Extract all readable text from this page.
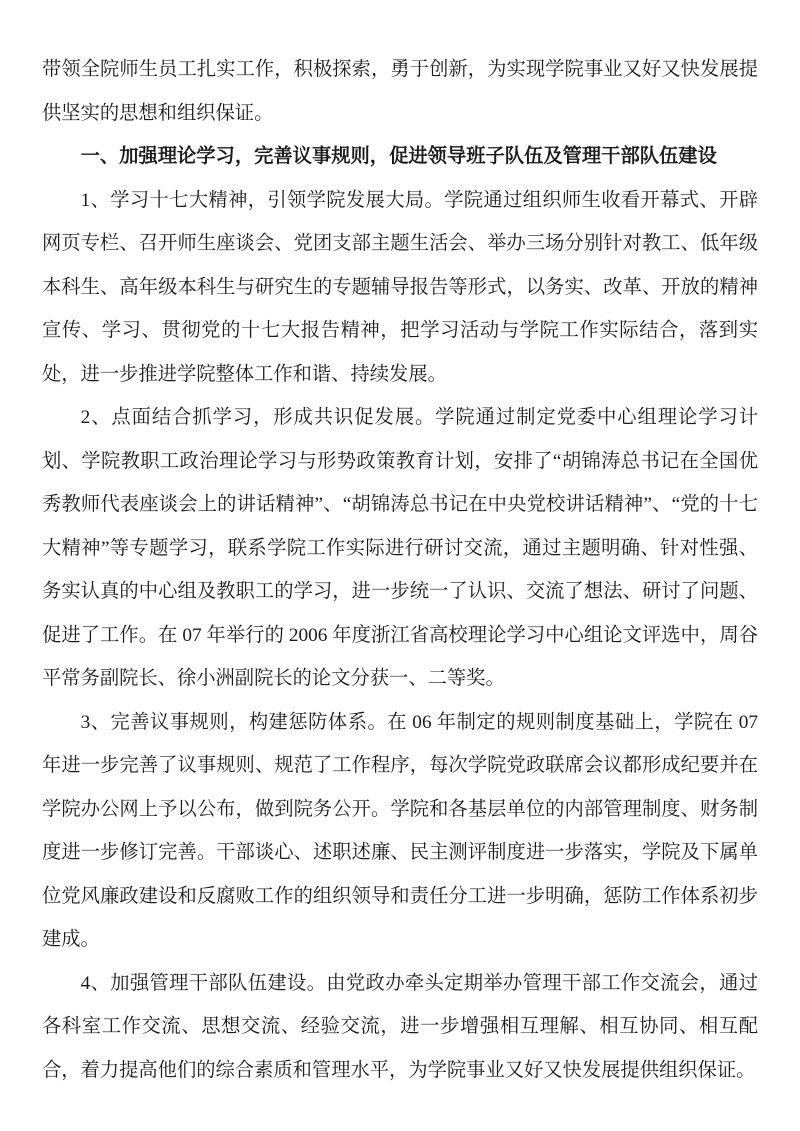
带领全院师生员工扎实工作，积极探索，勇于创新，为实现学院事业又好又快发展提供坚实的思想和组织保证。

一、加强理论学习，完善议事规则，促进领导班子队伍及管理干部队伍建设

1、学习十七大精神，引领学院发展大局。学院通过组织师生收看开幕式、开辟网页专栏、召开师生座谈会、党团支部主题生活会、举办三场分别针对教工、低年级本科生、高年级本科生与研究生的专题辅导报告等形式，以务实、改革、开放的精神宣传、学习、贯彻党的十七大报告精神，把学习活动与学院工作实际结合，落到实处，进一步推进学院整体工作和谐、持续发展。

2、点面结合抓学习，形成共识促发展。学院通过制定党委中心组理论学习计划、学院教职工政治理论学习与形势政策教育计划，安排了“胡锦涛总书记在全国优秀教师代表座谈会上的讲话精神”、“胡锦涛总书记在中央党校讲话精神”、“党的十七大精神”等专题学习，联系学院工作实际进行研讨交流，通过主题明确、针对性强、务实认真的中心组及教职工的学习，进一步统一了认识、交流了想法、研讨了问题、促进了工作。在 07 年举行的 2006 年度浙江省高校理论学习中心组论文评选中，周谷平常务副院长、徐小洲副院长的论文分获一、二等奖。

3、完善议事规则，构建惩防体系。在 06 年制定的规则制度基础上，学院在 07 年进一步完善了议事规则、规范了工作程序，每次学院党政联席会议都形成纪要并在学院办公网上予以公布，做到院务公开。学院和各基层单位的内部管理制度、财务制度进一步修订完善。干部谈心、述职述廉、民主测评制度进一步落实，学院及下属单位党风廉政建设和反腐败工作的组织领导和责任分工进一步明确，惩防工作体系初步建成。

4、加强管理干部队伍建设。由党政办牵头定期举办管理干部工作交流会，通过各科室工作交流、思想交流、经验交流，进一步增强相互理解、相互协同、相互配合，着力提高他们的综合素质和管理水平，为学院事业又好又快发展提供组织保证。
